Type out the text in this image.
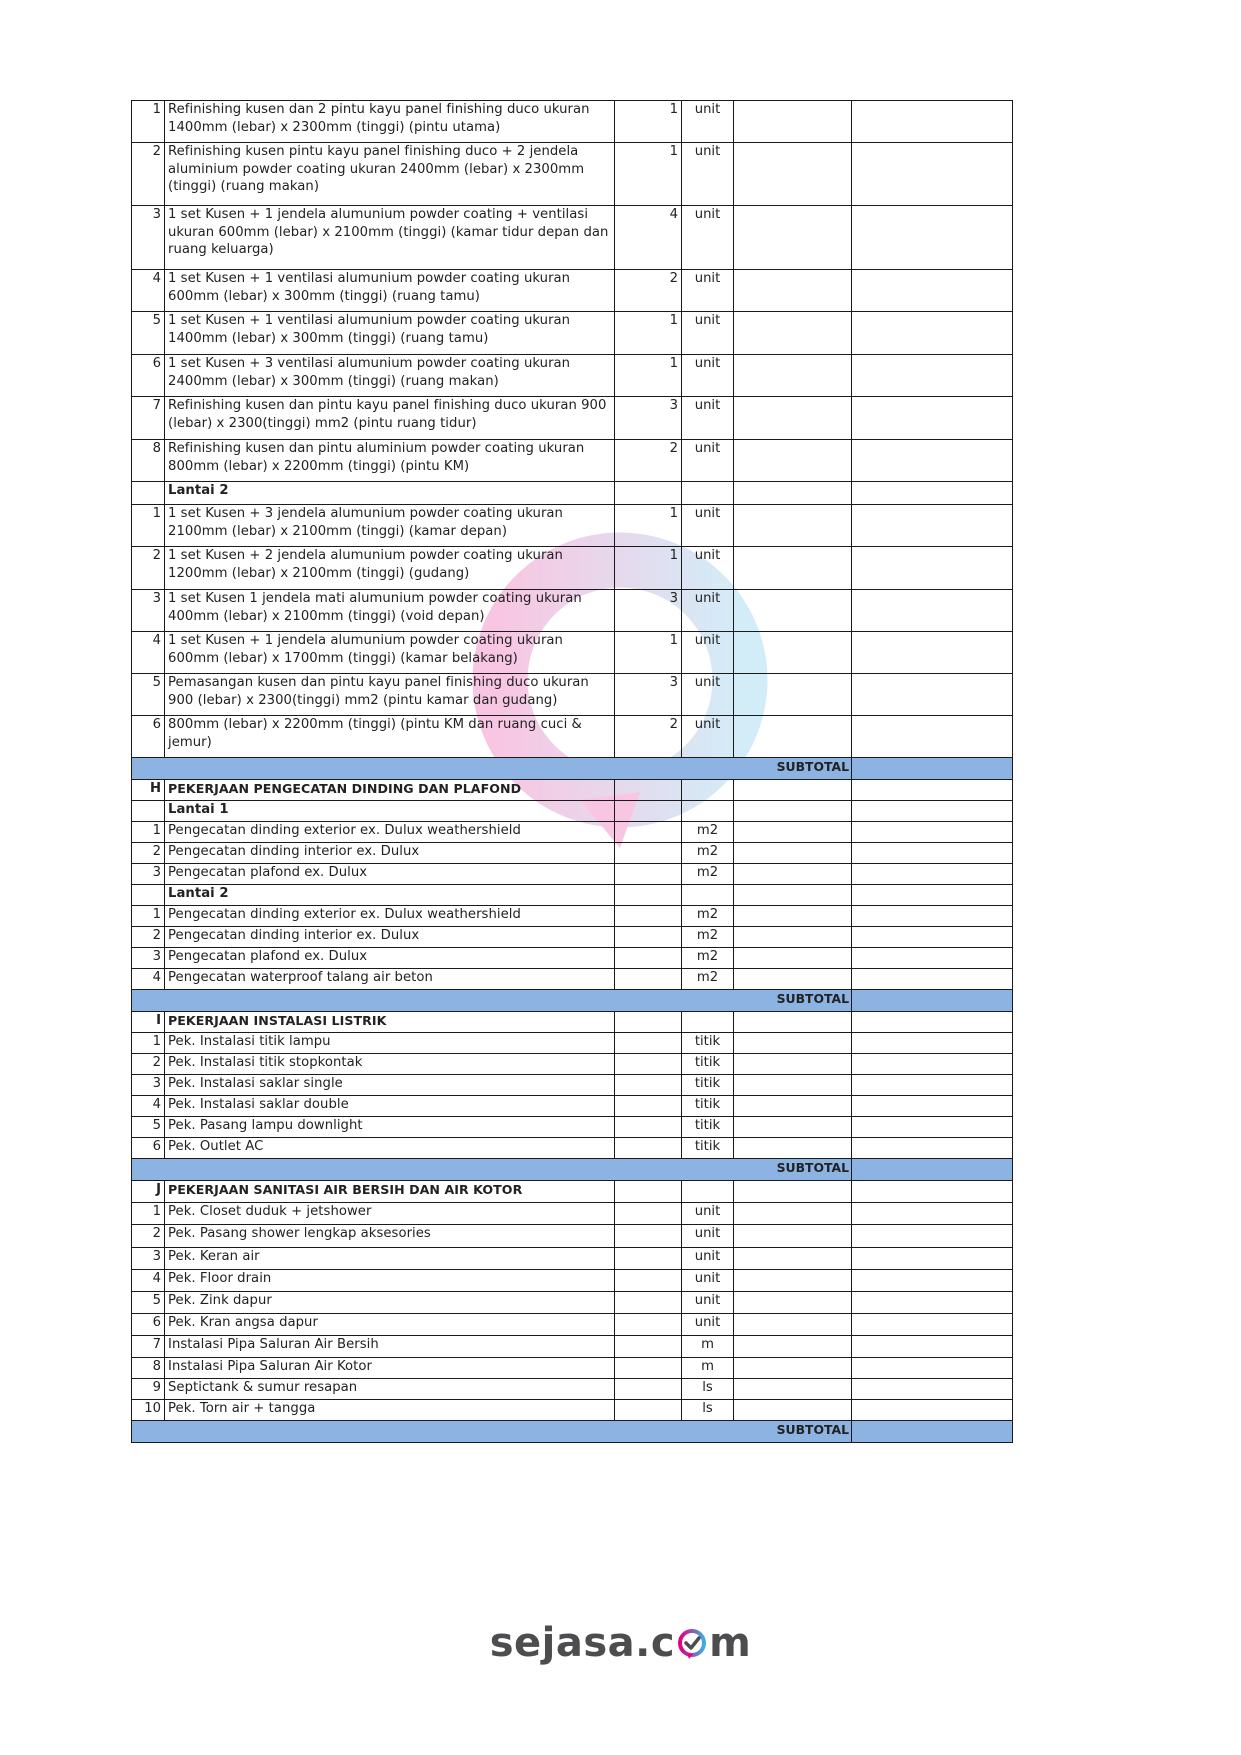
1	Refinishing kusen dan 2 pintu kayu panel finishing duco ukuran 1400mm (lebar) x 2300mm (tinggi) (pintu utama)	1	unit		
2	Refinishing kusen pintu kayu panel finishing duco + 2 jendela aluminium powder coating ukuran 2400mm (lebar) x 2300mm (tinggi) (ruang makan)	1	unit		
3	1 set Kusen + 1 jendela alumunium powder coating + ventilasi ukuran 600mm (lebar) x 2100mm (tinggi) (kamar tidur depan dan ruang keluarga)	4	unit		
4	1 set Kusen + 1 ventilasi alumunium powder coating ukuran 600mm (lebar) x 300mm (tinggi) (ruang tamu)	2	unit		
5	1 set Kusen + 1 ventilasi alumunium powder coating ukuran 1400mm (lebar) x 300mm (tinggi) (ruang tamu)	1	unit		
6	1 set Kusen + 3 ventilasi alumunium powder coating ukuran 2400mm (lebar) x 300mm (tinggi) (ruang makan)	1	unit		
7	Refinishing kusen dan pintu kayu panel finishing duco ukuran 900 (lebar) x 2300(tinggi) mm2 (pintu ruang tidur)	3	unit		
8	Refinishing kusen dan pintu aluminium powder coating ukuran 800mm (lebar) x 2200mm (tinggi) (pintu KM)	2	unit		
	Lantai 2				
1	1 set Kusen + 3 jendela alumunium powder coating ukuran 2100mm (lebar) x 2100mm (tinggi) (kamar depan)	1	unit		
2	1 set Kusen + 2 jendela alumunium powder coating ukuran 1200mm (lebar) x 2100mm (tinggi) (gudang)	1	unit		
3	1 set Kusen 1 jendela mati alumunium powder coating ukuran 400mm (lebar) x 2100mm (tinggi) (void depan)	3	unit		
4	1 set Kusen + 1 jendela alumunium powder coating ukuran 600mm (lebar) x 1700mm (tinggi) (kamar belakang)	1	unit		
5	Pemasangan kusen dan pintu kayu panel finishing duco ukuran 900 (lebar) x 2300(tinggi) mm2 (pintu kamar dan gudang)	3	unit		
6	800mm (lebar) x 2200mm (tinggi) (pintu KM dan ruang cuci & jemur)	2	unit		
	SUBTOTAL				
H	PEKERJAAN PENGECATAN DINDING DAN PLAFOND				
	Lantai 1				
1	Pengecatan dinding exterior ex. Dulux weathershield		m2		
2	Pengecatan dinding interior ex. Dulux		m2		
3	Pengecatan plafond ex. Dulux		m2		
	Lantai 2				
1	Pengecatan dinding exterior ex. Dulux weathershield		m2		
2	Pengecatan dinding interior ex. Dulux		m2		
3	Pengecatan plafond ex. Dulux		m2		
4	Pengecatan waterproof talang air beton		m2		
	SUBTOTAL				
I	PEKERJAAN INSTALASI LISTRIK				
1	Pek. Instalasi titik lampu		titik		
2	Pek. Instalasi titik stopkontak		titik		
3	Pek. Instalasi saklar single		titik		
4	Pek. Instalasi saklar double		titik		
5	Pek. Pasang lampu downlight		titik		
6	Pek. Outlet AC		titik		
	SUBTOTAL				
J	PEKERJAAN SANITASI AIR BERSIH DAN AIR KOTOR				
1	Pek. Closet duduk + jetshower		unit		
2	Pek. Pasang shower lengkap aksesories		unit		
3	Pek. Keran air		unit		
4	Pek. Floor drain		unit		
5	Pek. Zink dapur		unit		
6	Pek. Kran angsa dapur		unit		
7	Instalasi Pipa Saluran Air Bersih		m		
8	Instalasi Pipa Saluran Air Kotor		m		
9	Septictank & sumur resapan		ls		
10	Pek. Torn air + tangga		ls		
	SUBTOTAL				
sejasa.c m
